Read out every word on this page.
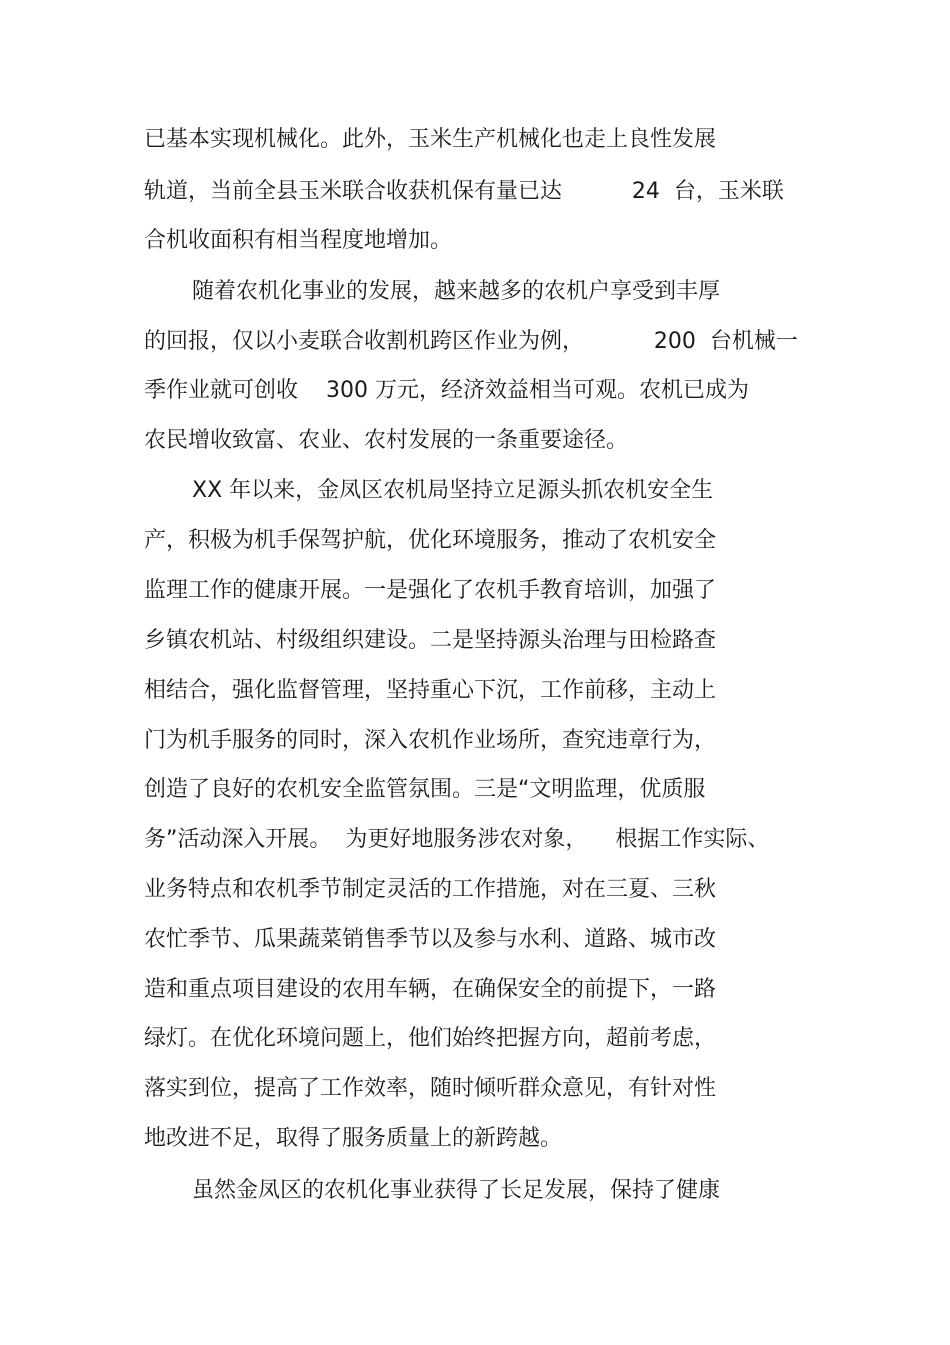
已基本实现机械化。此外，玉米生产机械化也走上良性发展
轨道，当前全县玉米联合收获机保有量已达          24  台，玉米联
合机收面积有相当程度地增加。
随着农机化事业的发展，越来越多的农机户享受到丰厚
的回报，仅以小麦联合收割机跨区作业为例，          200  台机械一
季作业就可创收    300 万元，经济效益相当可观。农机已成为
农民增收致富、农业、农村发展的一条重要途径。
XX 年以来，金凤区农机局坚持立足源头抓农机安全生
产，积极为机手保驾护航，优化环境服务，推动了农机安全
监理工作的健康开展。一是强化了农机手教育培训，加强了
乡镇农机站、村级组织建设。二是坚持源头治理与田检路查
相结合，强化监督管理，坚持重心下沉，工作前移，主动上
门为机手服务的同时，深入农机作业场所，查究违章行为，
创造了良好的农机安全监管氛围。三是“文明监理，优质服
务”活动深入开展。  为更好地服务涉农对象，    根据工作实际、
业务特点和农机季节制定灵活的工作措施，对在三夏、三秋
农忙季节、瓜果蔬菜销售季节以及参与水利、道路、城市改
造和重点项目建设的农用车辆，在确保安全的前提下，一路
绿灯。在优化环境问题上，他们始终把握方向，超前考虑，
落实到位，提高了工作效率，随时倾听群众意见，有针对性
地改进不足，取得了服务质量上的新跨越。
虽然金凤区的农机化事业获得了长足发展，保持了健康
